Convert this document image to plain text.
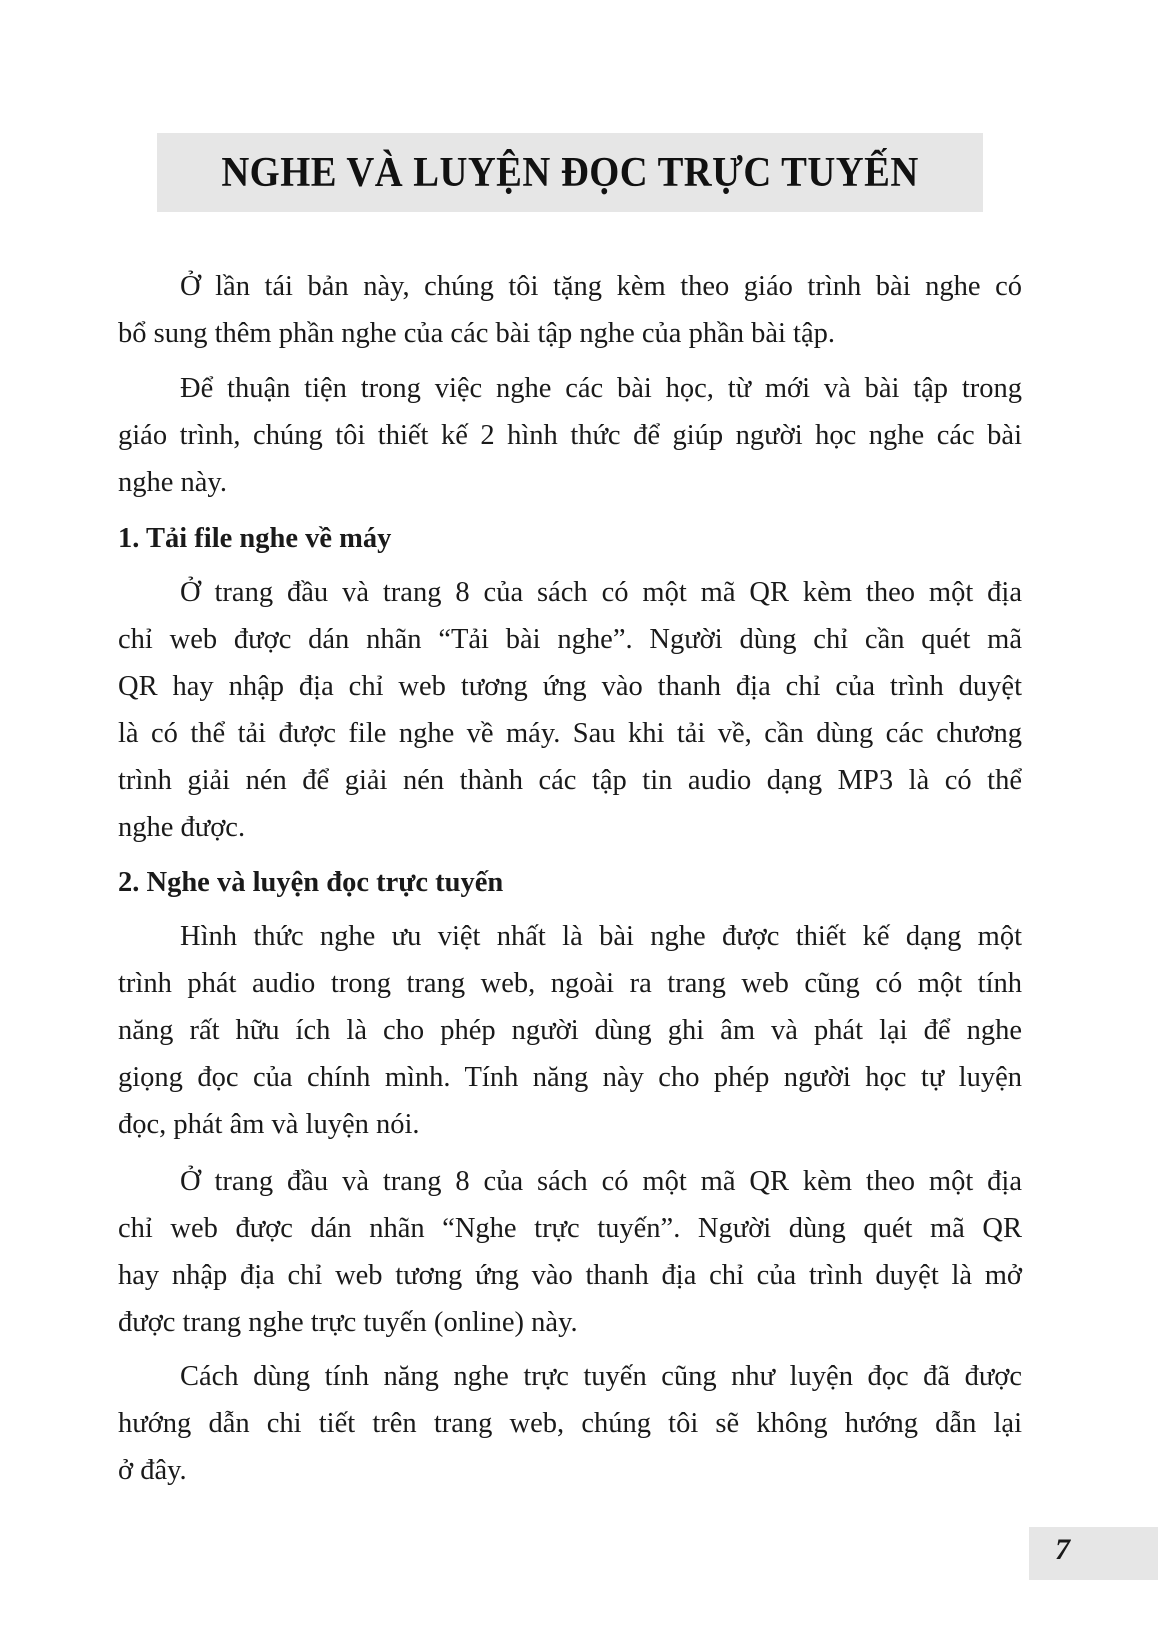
NGHE VÀ LUYỆN ĐỌC TRỰC TUYẾN
Ở lần tái bản này, chúng tôi tặng kèm theo giáo trình bài nghe có
bổ sung thêm phần nghe của các bài tập nghe của phần bài tập.
Để thuận tiện trong việc nghe các bài học, từ mới và bài tập trong
giáo trình, chúng tôi thiết kế 2 hình thức để giúp người học nghe các bài
nghe này.
1. Tải file nghe về máy
Ở trang đầu và trang 8 của sách có một mã QR kèm theo một địa
chỉ web được dán nhãn “Tải bài nghe”. Người dùng chỉ cần quét mã
QR hay nhập địa chỉ web tương ứng vào thanh địa chỉ của trình duyệt
là có thể tải được file nghe về máy. Sau khi tải về, cần dùng các chương
trình giải nén để giải nén thành các tập tin audio dạng MP3 là có thể
nghe được.
2. Nghe và luyện đọc trực tuyến
Hình thức nghe ưu việt nhất là bài nghe được thiết kế dạng một
trình phát audio trong trang web, ngoài ra trang web cũng có một tính
năng rất hữu ích là cho phép người dùng ghi âm và phát lại để nghe
giọng đọc của chính mình. Tính năng này cho phép người học tự luyện
đọc, phát âm và luyện nói.
Ở trang đầu và trang 8 của sách có một mã QR kèm theo một địa
chỉ web được dán nhãn “Nghe trực tuyến”. Người dùng quét mã QR
hay nhập địa chỉ web tương ứng vào thanh địa chỉ của trình duyệt là mở
được trang nghe trực tuyến (online) này.
Cách dùng tính năng nghe trực tuyến cũng như luyện đọc đã được
hướng dẫn chi tiết trên trang web, chúng tôi sẽ không hướng dẫn lại
ở đây.
7
